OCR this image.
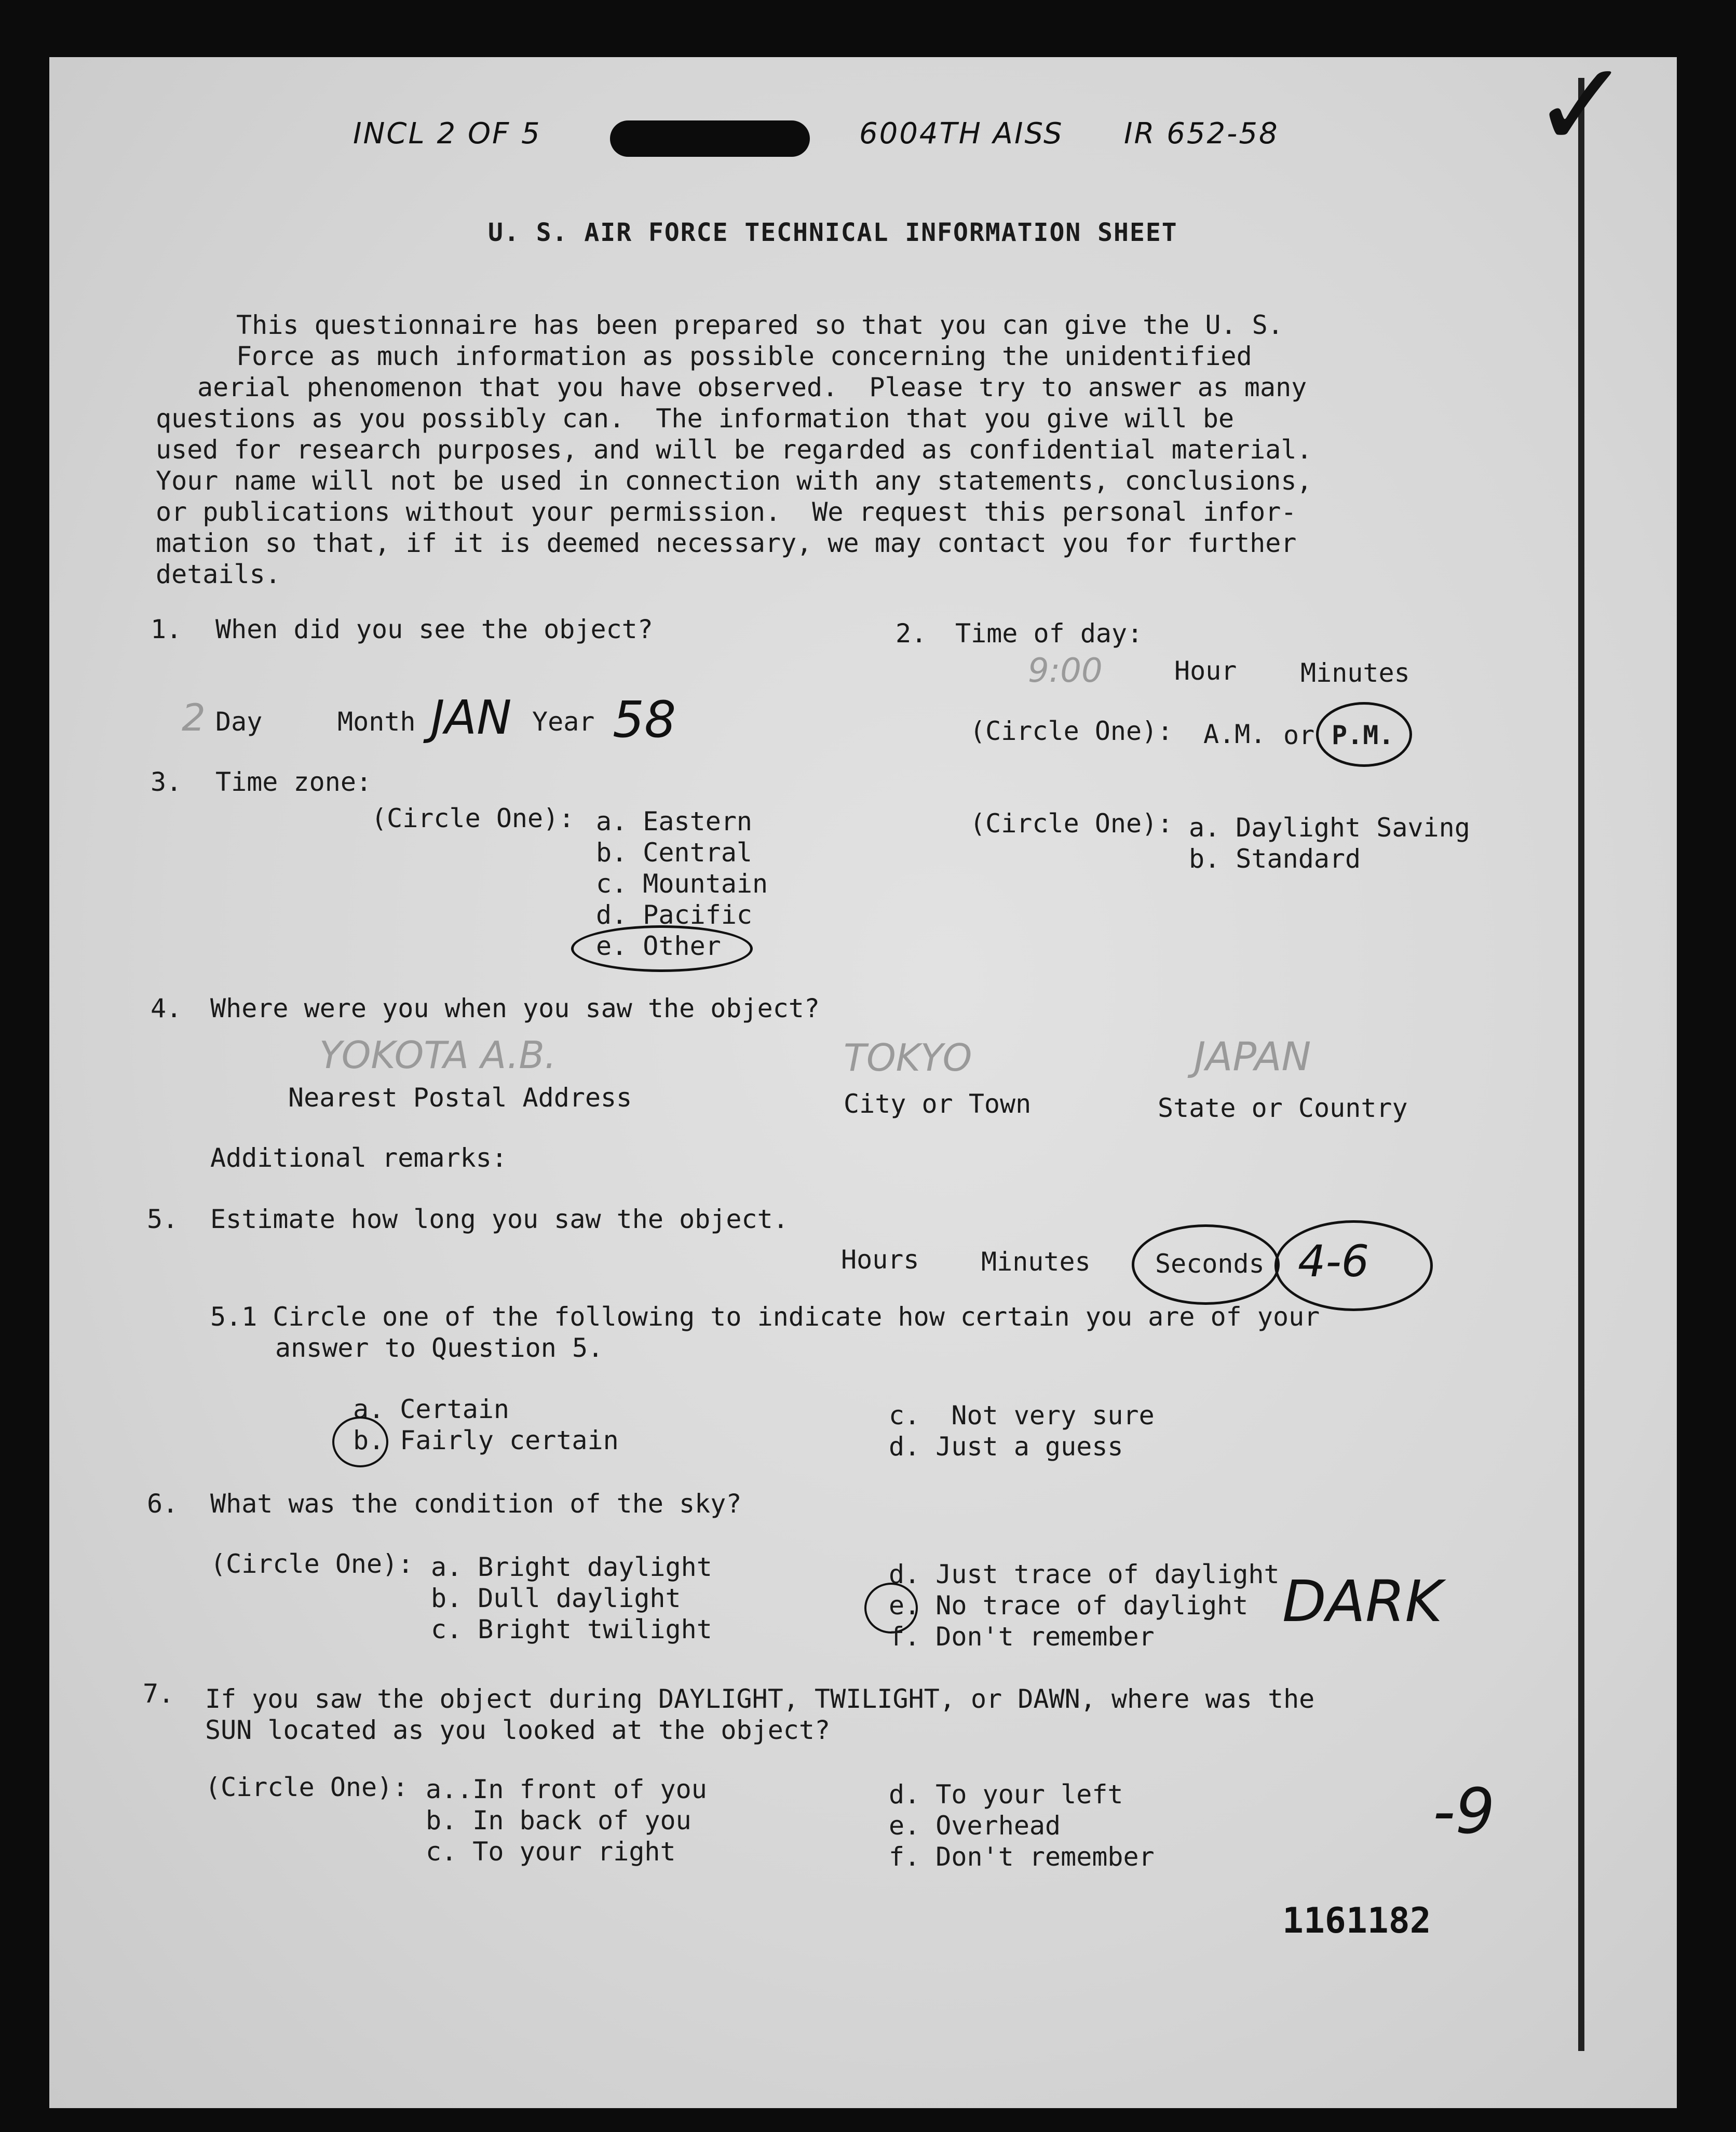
INCL 2 OF 5	6004TH AISS IR 652-58 ✓
U. S. AIR FORCE TECHNICAL INFORMATION SHEET
This questionnaire has been prepared so that you can give the U. S.
Force as much information as possible concerning the unidentified
aerial phenomenon that you have observed.  Please try to answer as many
questions as you possibly can.  The information that you give will be
used for research purposes, and will be regarded as confidential material.
Your name will not be used in connection with any statements, conclusions,
or publications without your permission.  We request this personal infor-
mation so that, if it is deemed necessary, we may contact you for further
details.
1. When did you see the object?
2 Day	Month JAN Year 58
2. Time of day:
9:00	Hour Minutes
(Circle One): A.M. or P.M.
(Circle One): a. Daylight Saving
b. Standard
3. Time zone:
(Circle One): a. Eastern
b. Central
c. Mountain
d. Pacific
e. Other
4. Where were you when you saw the object?
YOKOTA A.B.	TOKYO	JAPAN
Nearest Postal Address	City or Town	State or Country
Additional remarks:
5. Estimate how long you saw the object.
Hours Minutes Seconds 4-6
5.1 Circle one of the following to indicate how certain you are of your
answer to Question 5.
a. Certain
b. Fairly certain
c.  Not very sure
d. Just a guess
6. What was the condition of the sky?
(Circle One): a. Bright daylight
b. Dull daylight
c. Bright twilight
d. Just trace of daylight
e. No trace of daylight
f. Don't remember
DARK
7. If you saw the object during DAYLIGHT, TWILIGHT, or DAWN, where was the
SUN located as you looked at the object?
(Circle One): a..In front of you
b. In back of you
c. To your right
d. To your left
e. Overhead
f. Don't remember
-9
1161182
